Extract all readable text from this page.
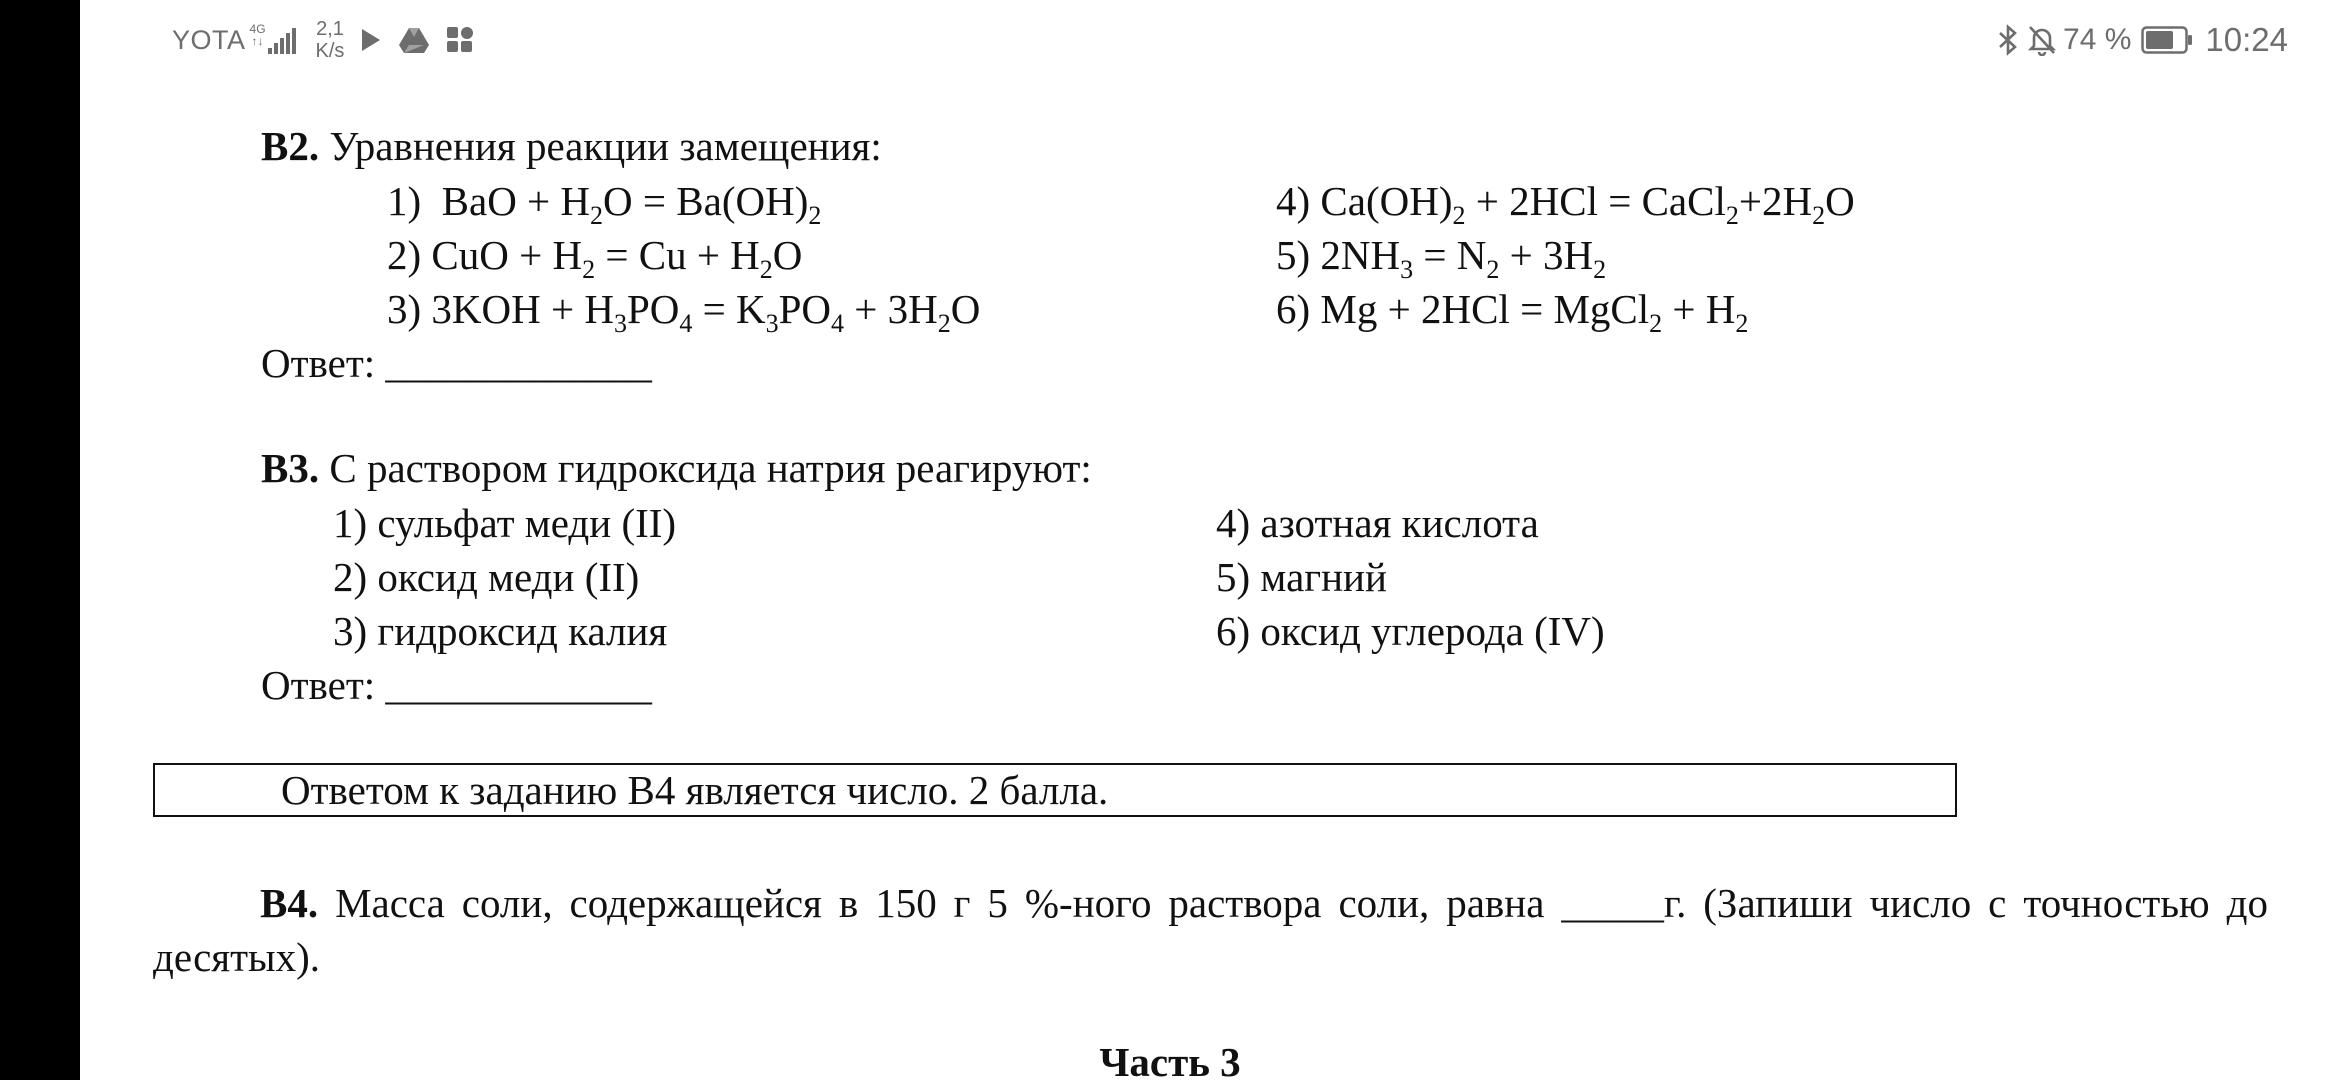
YOTA 4G
↑↓
2,1
K/s	74 % 10:24
B2. Уравнения реакции замещения:
1)  BaO + $H_2O = Ba(OH)_2$
2) CuO + $H_2 = Cu + H_2O$
3) $3KOH + H_3PO_4 = K_3PO_4 + 3H_2O$
4) $Ca(OH)_2 + 2HCl$ = $CaCl_2+2H_2O$
5) $2NH_3 = N_2 + 3H_2$
6) Mg + 2HCl = MgCl$_2$ + $H_2$
Ответ: _____________
B3. С раствором гидроксида натрия реагируют:
1) сульфат меди (II)
2) оксид меди (II)
3) гидроксид калия
4) азотная кислота
5) магний
6) оксид углерода (IV)
Ответ: _____________
Ответом к заданию B4 является число. 2 балла.
B4. Масса соли, содержащейся в 150 г 5 %-ного раствора соли, равна _____г. (Запиши число с точностью до десятых).
Часть 3
